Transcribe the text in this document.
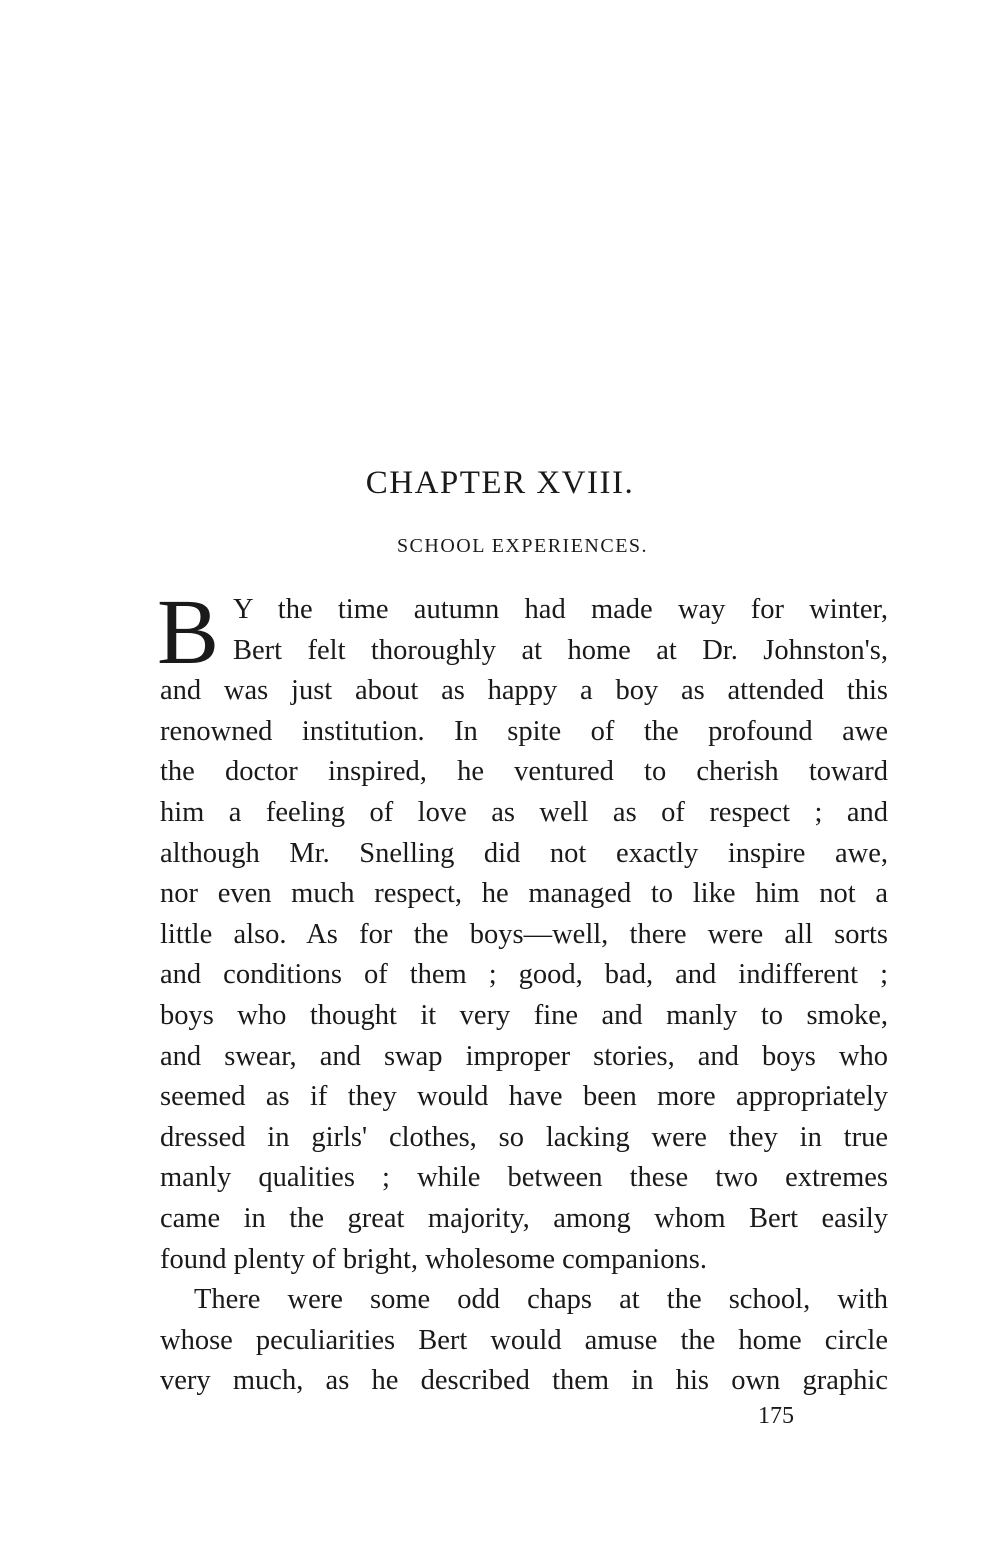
CHAPTER XVIII.
SCHOOL EXPERIENCES.
B Y the time autumn had made way for winter,
Bert felt thoroughly at home at Dr. Johnston's,
and was just about as happy a boy as attended this
renowned institution. In spite of the profound awe
the doctor inspired, he ventured to cherish toward
him a feeling of love as well as of respect ; and
although Mr. Snelling did not exactly inspire awe,
nor even much respect, he managed to like him not a
little also. As for the boys—well, there were all sorts
and conditions of them ; good, bad, and indifferent ;
boys who thought it very fine and manly to smoke,
and swear, and swap improper stories, and boys who
seemed as if they would have been more appropriately
dressed in girls' clothes, so lacking were they in true
manly qualities ; while between these two extremes
came in the great majority, among whom Bert easily
found plenty of bright, wholesome companions.
There were some odd chaps at the school, with
whose peculiarities Bert would amuse the home circle
very much, as he described them in his own graphic
175
